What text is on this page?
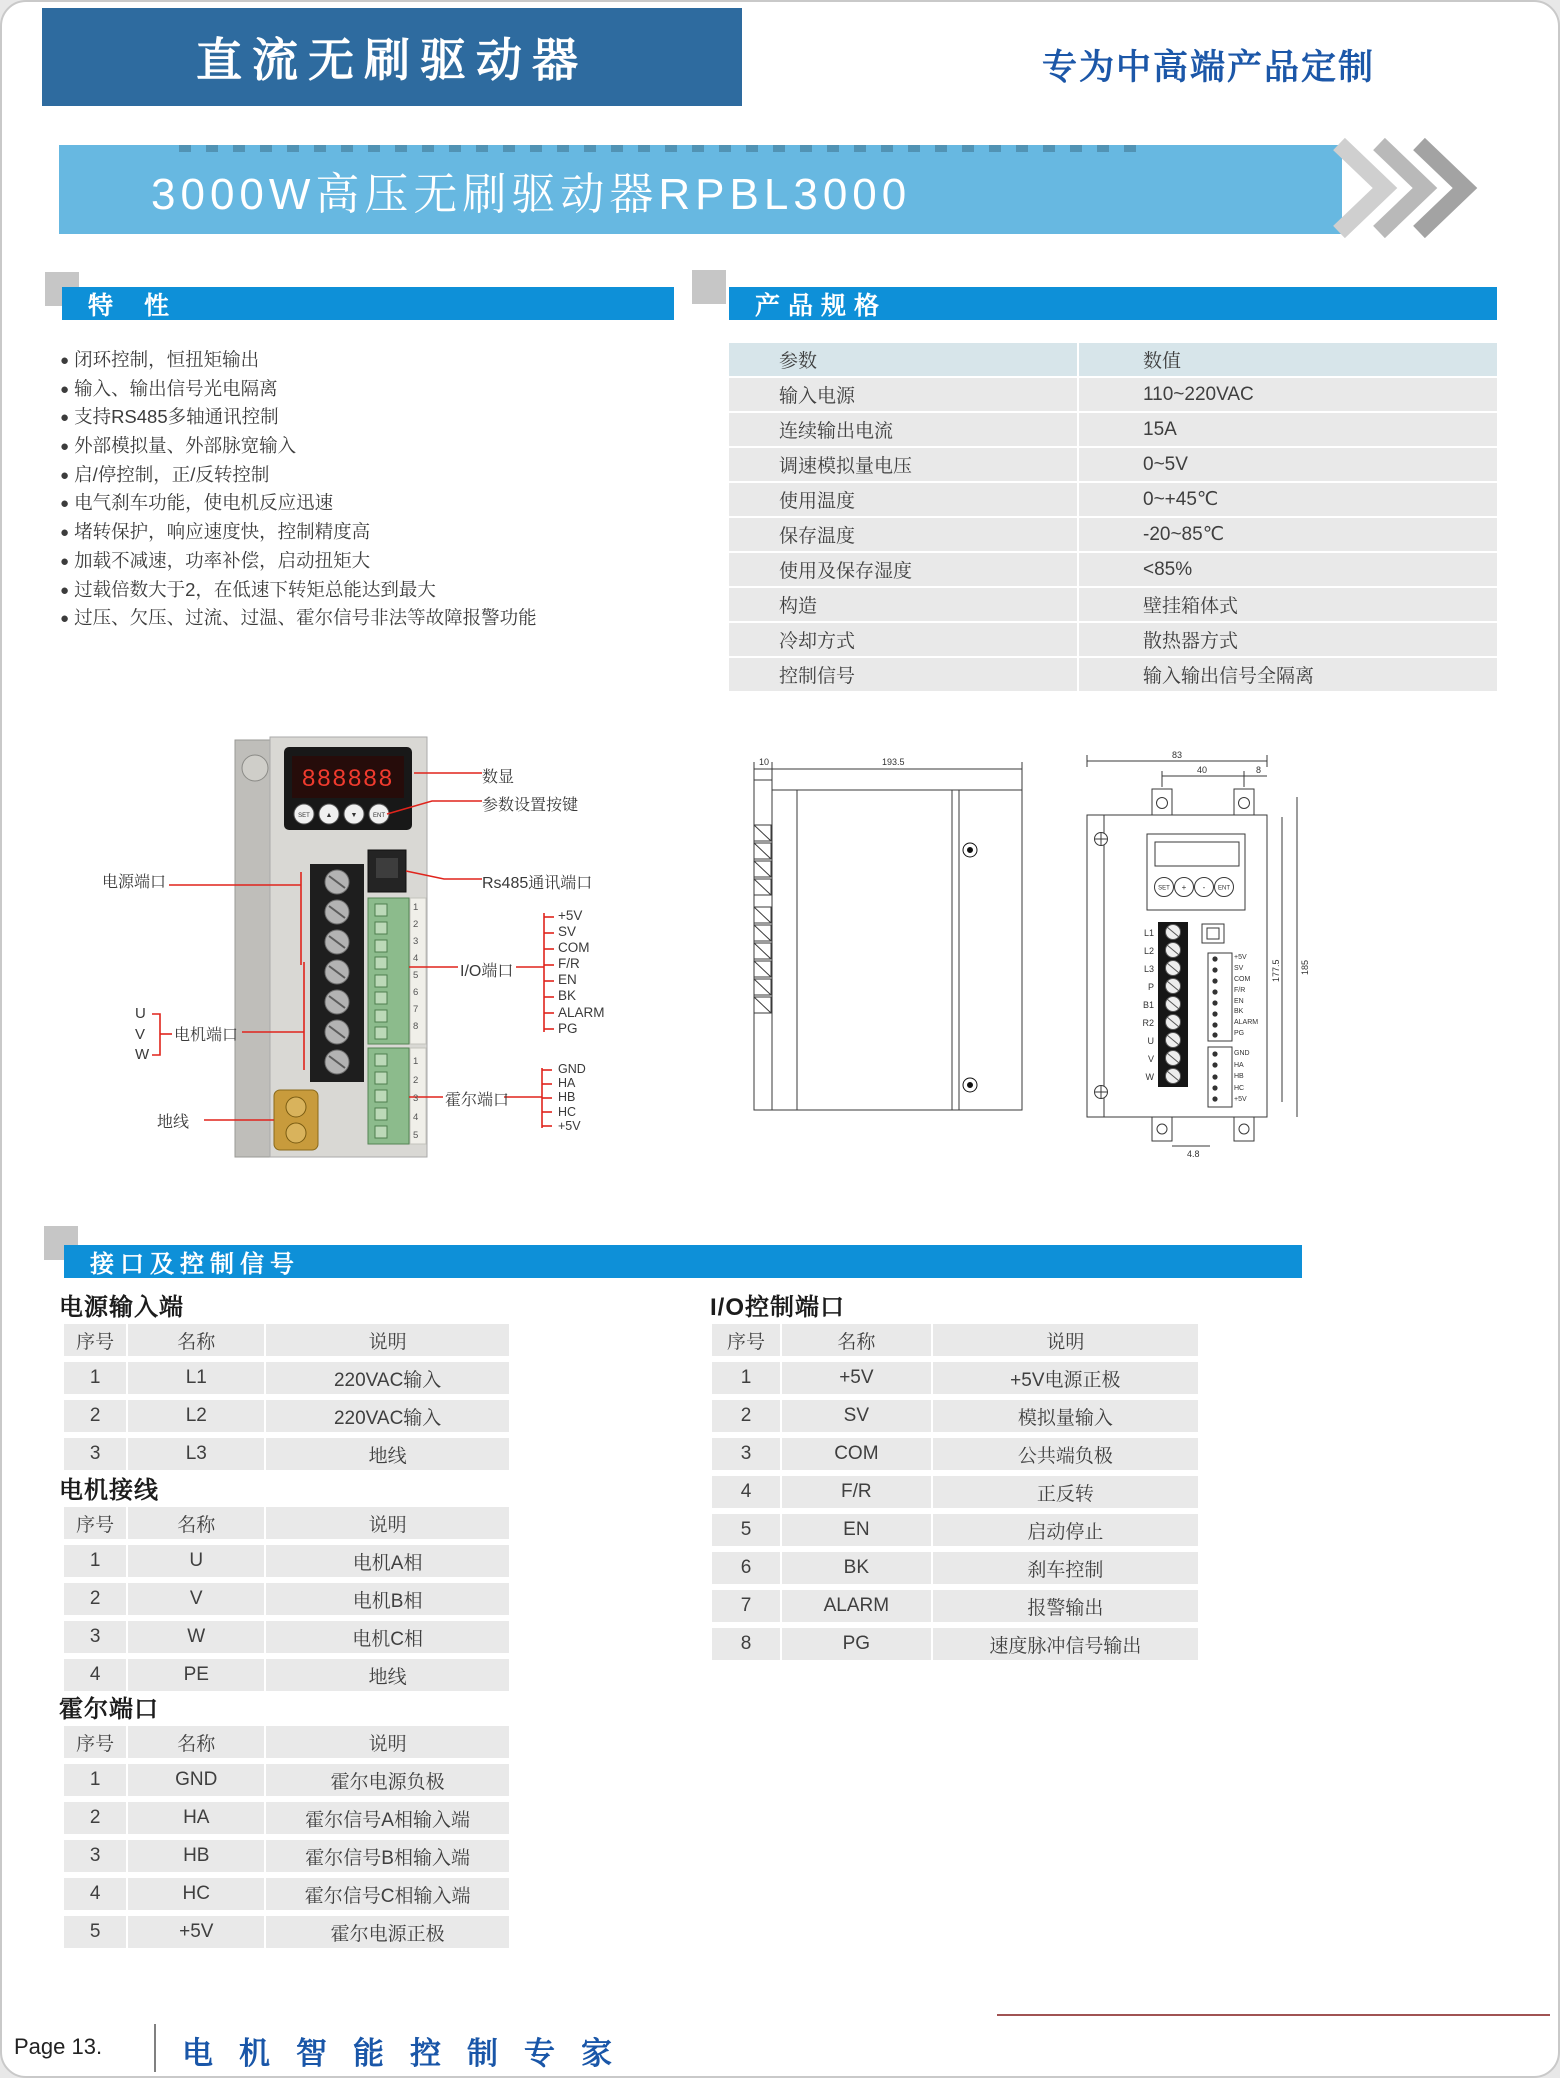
直流无刷驱动器	专为中高端产品定制
3000W高压无刷驱动器RPBL3000
特 性
● 闭环控制，恒扭矩输出
● 输入、输出信号光电隔离
● 支持RS485多轴通讯控制
● 外部模拟量、外部脉宽输入
● 启/停控制，正/反转控制
● 电气刹车功能，使电机反应迅速
● 堵转保护，响应速度快，控制精度高
● 加载不减速，功率补偿，启动扭矩大
● 过载倍数大于2，在低速下转矩总能达到最大
● 过压、欠压、过流、过温、霍尔信号非法等故障报警功能
产品规格
参数	数值
输入电源	110~220VAC
连续输出电流	15A
调速模拟量电压	0~5V
使用温度	0~+45℃
保存温度	-20~85℃
使用及保存湿度	<85%
构造	壁挂箱体式
冷却方式	散热器方式
控制信号	输入输出信号全隔离
888888
SET ▲	▼	ENT
数显
参数设置按键
Rs485通讯端口
I/O端口
+5V
SV
COM
F/R
EN
BK
ALARM
PG
霍尔端口
GND
HA
HB
HC
+5V
电源端口
U
V
W
电机端口
地线
1
2
3
4
5
6
7
8
1
2
3
4
5
10	193.5
SET + - ENT
83
40	8
177.5 185
4.8
L1
L2
L3
P
B1
R2
U
V
W
+5V
SV
COM
F/R
EN
BK
ALARM
PG
GND
HA
HB
HC
+5V
接口及控制信号
电源输入端
序号	名称	说明
1	L1	220VAC输入
2	L2	220VAC输入
3	L3	地线
电机接线
序号	名称	说明
1	U	电机A相
2	V	电机B相
3	W	电机C相
4	PE	地线
霍尔端口
序号	名称	说明
1	GND	霍尔电源负极
2	HA	霍尔信号A相输入端
3	HB	霍尔信号B相输入端
4	HC	霍尔信号C相输入端
5	+5V	霍尔电源正极
I/O控制端口
序号	名称	说明
1	+5V	+5V电源正极
2	SV	模拟量输入
3	COM	公共端负极
4	F/R	正反转
5	EN	启动停止
6	BK	刹车控制
7	ALARM	报警输出
8	PG	速度脉冲信号输出
Page 13.	电机智能控制专家
